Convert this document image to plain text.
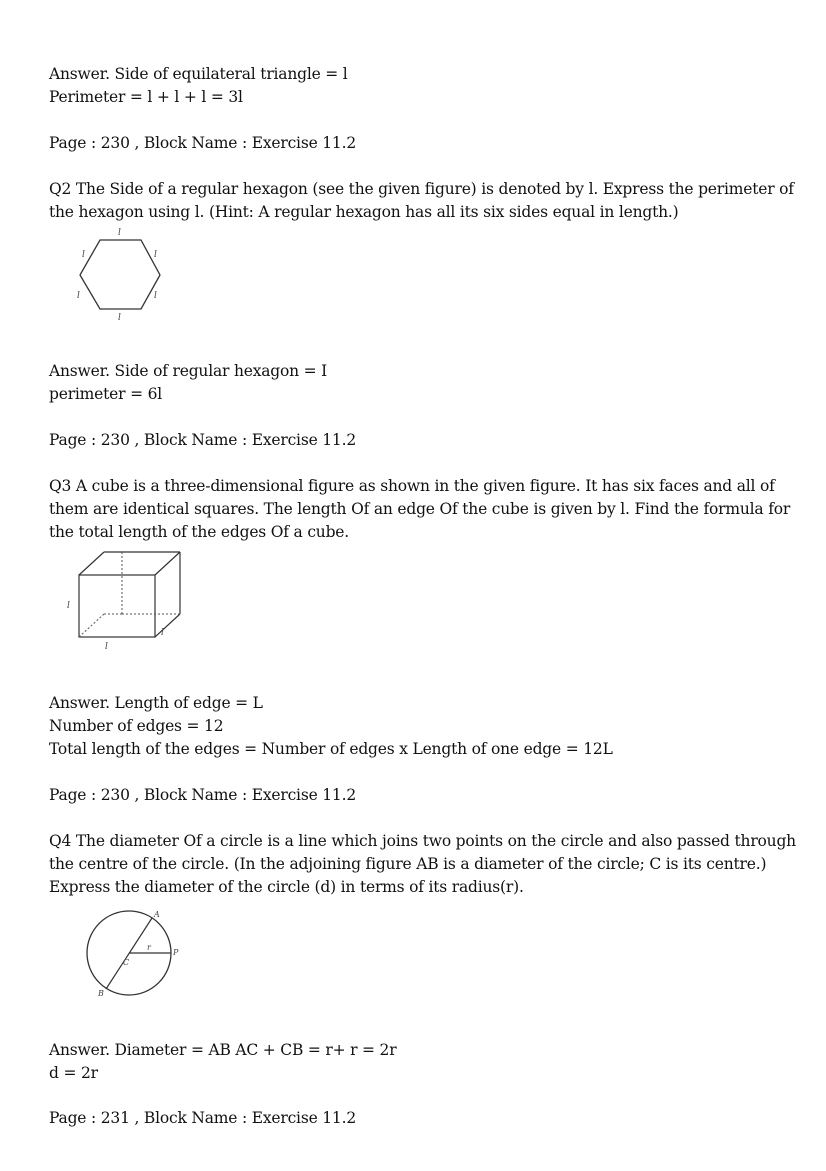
Answer. Side of equilateral triangle = l
Perimeter = l + l + l = 3l
Page : 230 , Block Name : Exercise 11.2
Q2 The Side of a regular hexagon (see the given figure) is denoted by l. Express the perimeter of
the hexagon using l. (Hint: A regular hexagon has all its six sides equal in length.)
l
l	l
l	l
l
Answer. Side of regular hexagon = I
perimeter = 6l
Page : 230 , Block Name : Exercise 11.2
Q3 A cube is a three-dimensional figure as shown in the given figure. It has six faces and all of
them are identical squares. The length Of an edge Of the cube is given by l. Find the formula for
the total length of the edges Of a cube.
l
l
l
Answer. Length of edge = L
Number of edges = 12
Total length of the edges = Number of edges x Length of one edge = 12L
Page : 230 , Block Name : Exercise 11.2
Q4 The diameter Of a circle is a line which joins two points on the circle and also passed through
the centre of the circle. (In the adjoining figure AB is a diameter of the circle; C is its centre.)
Express the diameter of the circle (d) in terms of its radius(r).
A
B
C
P
r
Answer. Diameter = AB AC + CB = r+ r = 2r
d = 2r
Page : 231 , Block Name : Exercise 11.2
